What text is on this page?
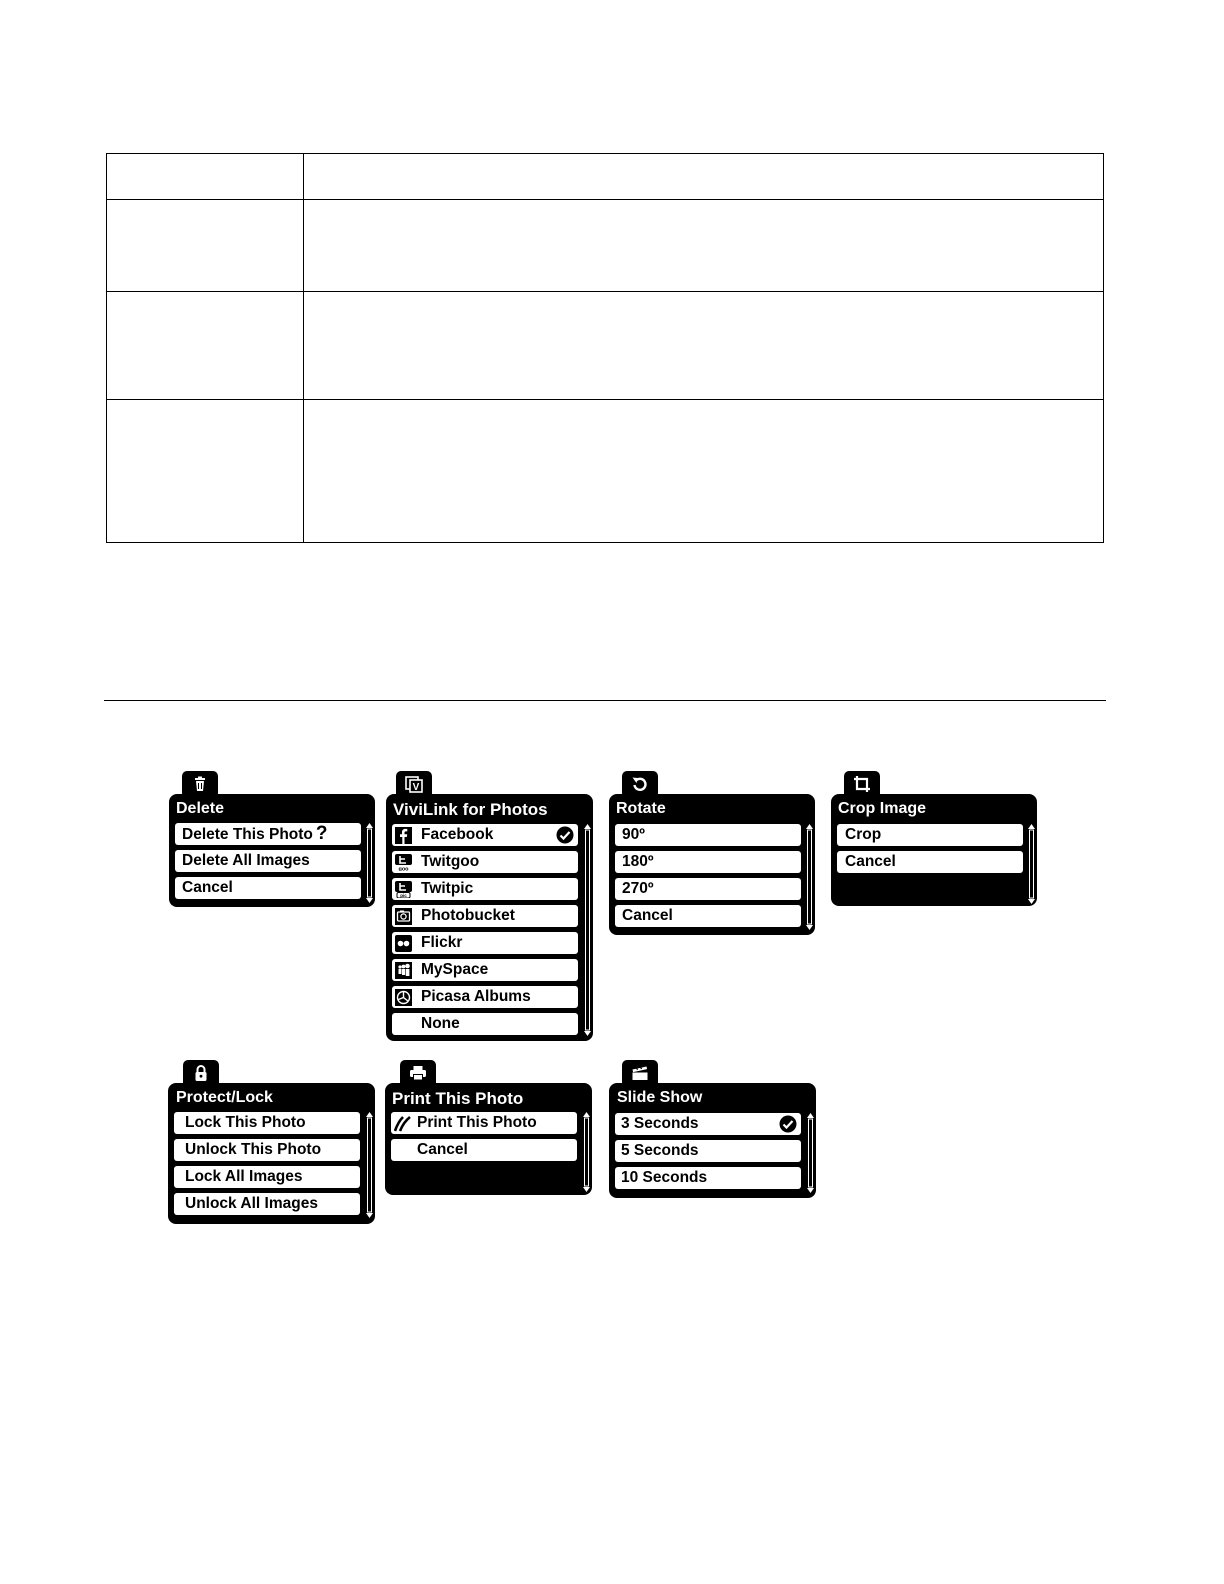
Delete
Delete This Photo ?
Delete All Images
Cancel
V
ViviLink for Photos
Facebook
goo Twitgoo
pic Twitpic
Photobucket
Flickr
MySpace
Picasa Albums
None
Rotate
90º
180º
270º
Cancel
Crop Image
Crop
Cancel
Protect/Lock
Lock This Photo
Unlock This Photo
Lock All Images
Unlock All Images
Print This Photo
Print This Photo
Cancel
Slide Show
3 Seconds
5 Seconds
10 Seconds
